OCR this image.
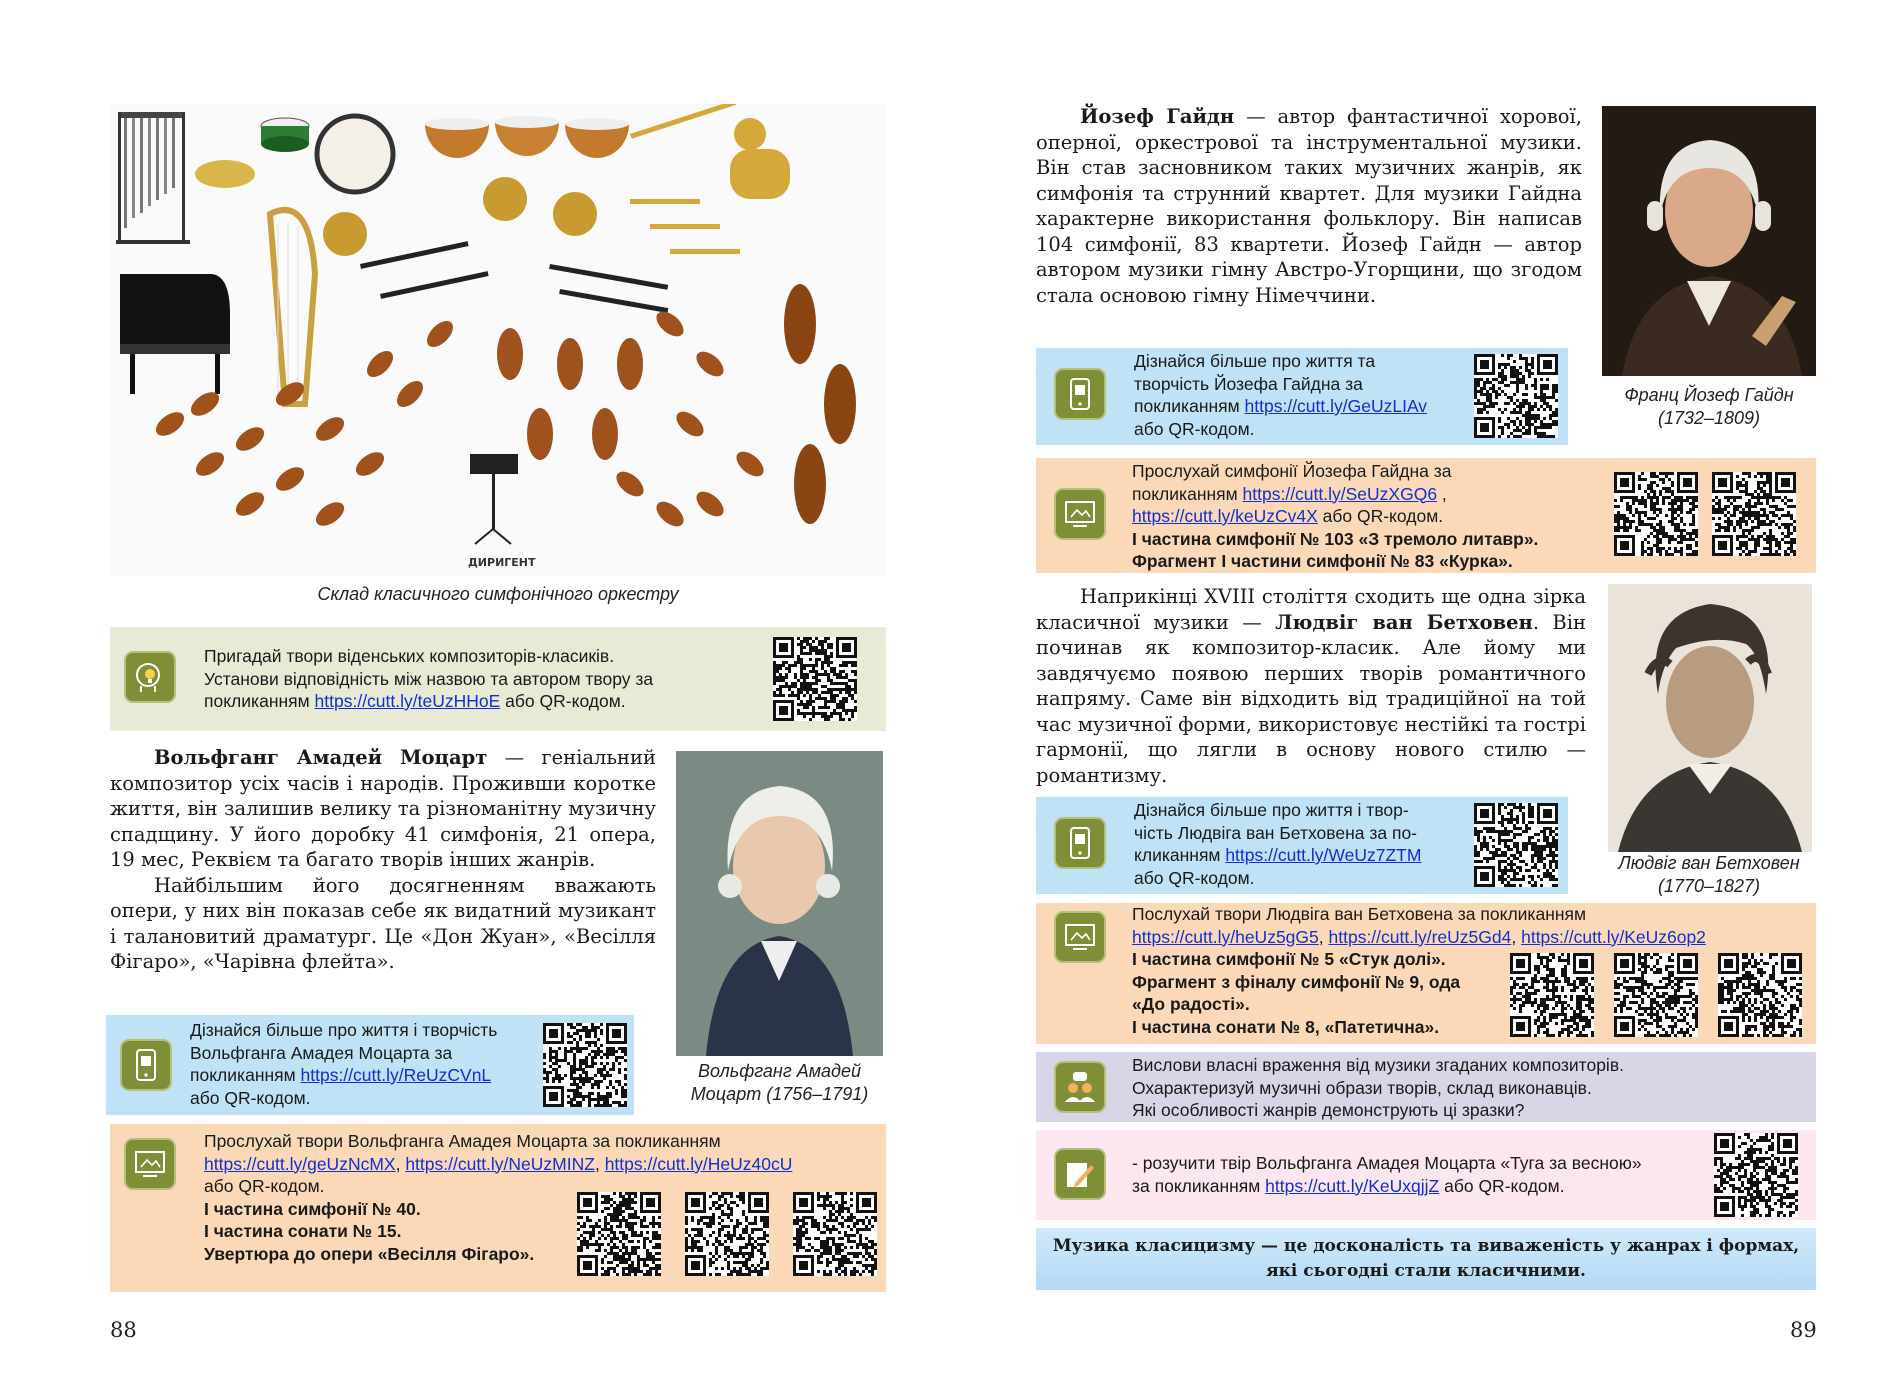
ДИРИГЕНТ
Склад класичного симфонічного оркестру
Пригадай твори віденських композиторів-класиків.
Установи відповідність між назвою та автором твору за
покликанням https://cutt.ly/teUzHHoE або QR-кодом.

Вольфганг Амадей Моцарт — геніальний композитор усіх часів і народів. Проживши коротке життя, він залишив велику та різноманітну музичну спадщину. У його доробку 41 симфонія, 21 опера, 19 мес, Реквієм та багато творів інших жанрів.

Найбільшим його досягненням вважають опери, у них він показав себе як видатний музикант і талановитий драматург. Це «Дон Жуан», «Весілля Фігаро», «Чарівна флейта».

Вольфганг Амадей
Моцарт (1756–1791)
Дізнайся більше про життя і творчість
Вольфганга Амадея Моцарта за
покликанням https://cutt.ly/ReUzCVnL
або QR-кодом.
Прослухай твори Вольфганга Амадея Моцарта за покликанням
https://cutt.ly/geUzNcMX, https://cutt.ly/NeUzMINZ, https://cutt.ly/HeUz40cU
або QR-кодом.
І частина симфонії № 40.
І частина сонати № 15.
Увертюра до опери «Весілля Фігаро».
88

Йозеф Гайдн — автор фантастичної хорової, оперної, оркестрової та інструментальної музики. Він став засновником таких музичних жанрів, як симфонія та струнний квартет. Для музики Гайдна характерне використання фольклору. Він написав 104 симфонії, 83 квартети. Йозеф Гайдн — автор автором музики гімну Австро-Угорщини, що згодом стала основою гімну Німеччини.

Франц Йозеф Гайдн
(1732–1809)
Дізнайся більше про життя та
творчість Йозефа Гайдна за
покликанням https://cutt.ly/GeUzLIAv
або QR-кодом.
Прослухай симфонії Йозефа Гайдна за
покликанням https://cutt.ly/SeUzXGQ6 ,
https://cutt.ly/keUzCv4X або QR-кодом.
І частина симфонії № 103 «З тремоло литавр».
Фрагмент І частини симфонії № 83 «Курка».

Наприкінці XVIII століття сходить ще одна зірка класичної музики — Людвіг ван Бетховен. Він починав як композитор-класик. Але йому ми завдячуємо появою перших творів романтичного напряму. Саме він відходить від традиційної на той час музичної форми, використовує нестійкі та гострі гармонії, що лягли в основу нового стилю — романтизму.

Людвіг ван Бетховен
(1770–1827)
Дізнайся більше про життя і твор-
чість Людвіга ван Бетховена за по-
кликанням https://cutt.ly/WeUz7ZTM
або QR-кодом.
Послухай твори Людвіга ван Бетховена за покликанням
https://cutt.ly/heUz5gG5, https://cutt.ly/reUz5Gd4, https://cutt.ly/KeUz6op2
І частина симфонії № 5 «Стук долі».
Фрагмент з фіналу симфонії № 9, ода
«До радості».
І частина сонати № 8, «Патетична».
Вислови власні враження від музики згаданих композиторів.
Охарактеризуй музичні образи творів, склад виконавців.
Які особливості жанрів демонструють ці зразки?
- розучити твір Вольфганга Амадея Моцарта «Туга за весною»
за покликанням https://cutt.ly/KeUxqjjZ або QR-кодом.
Музика класицизму — це досконалість та виваженість у жанрах і формах,
які сьогодні стали класичними.
89
